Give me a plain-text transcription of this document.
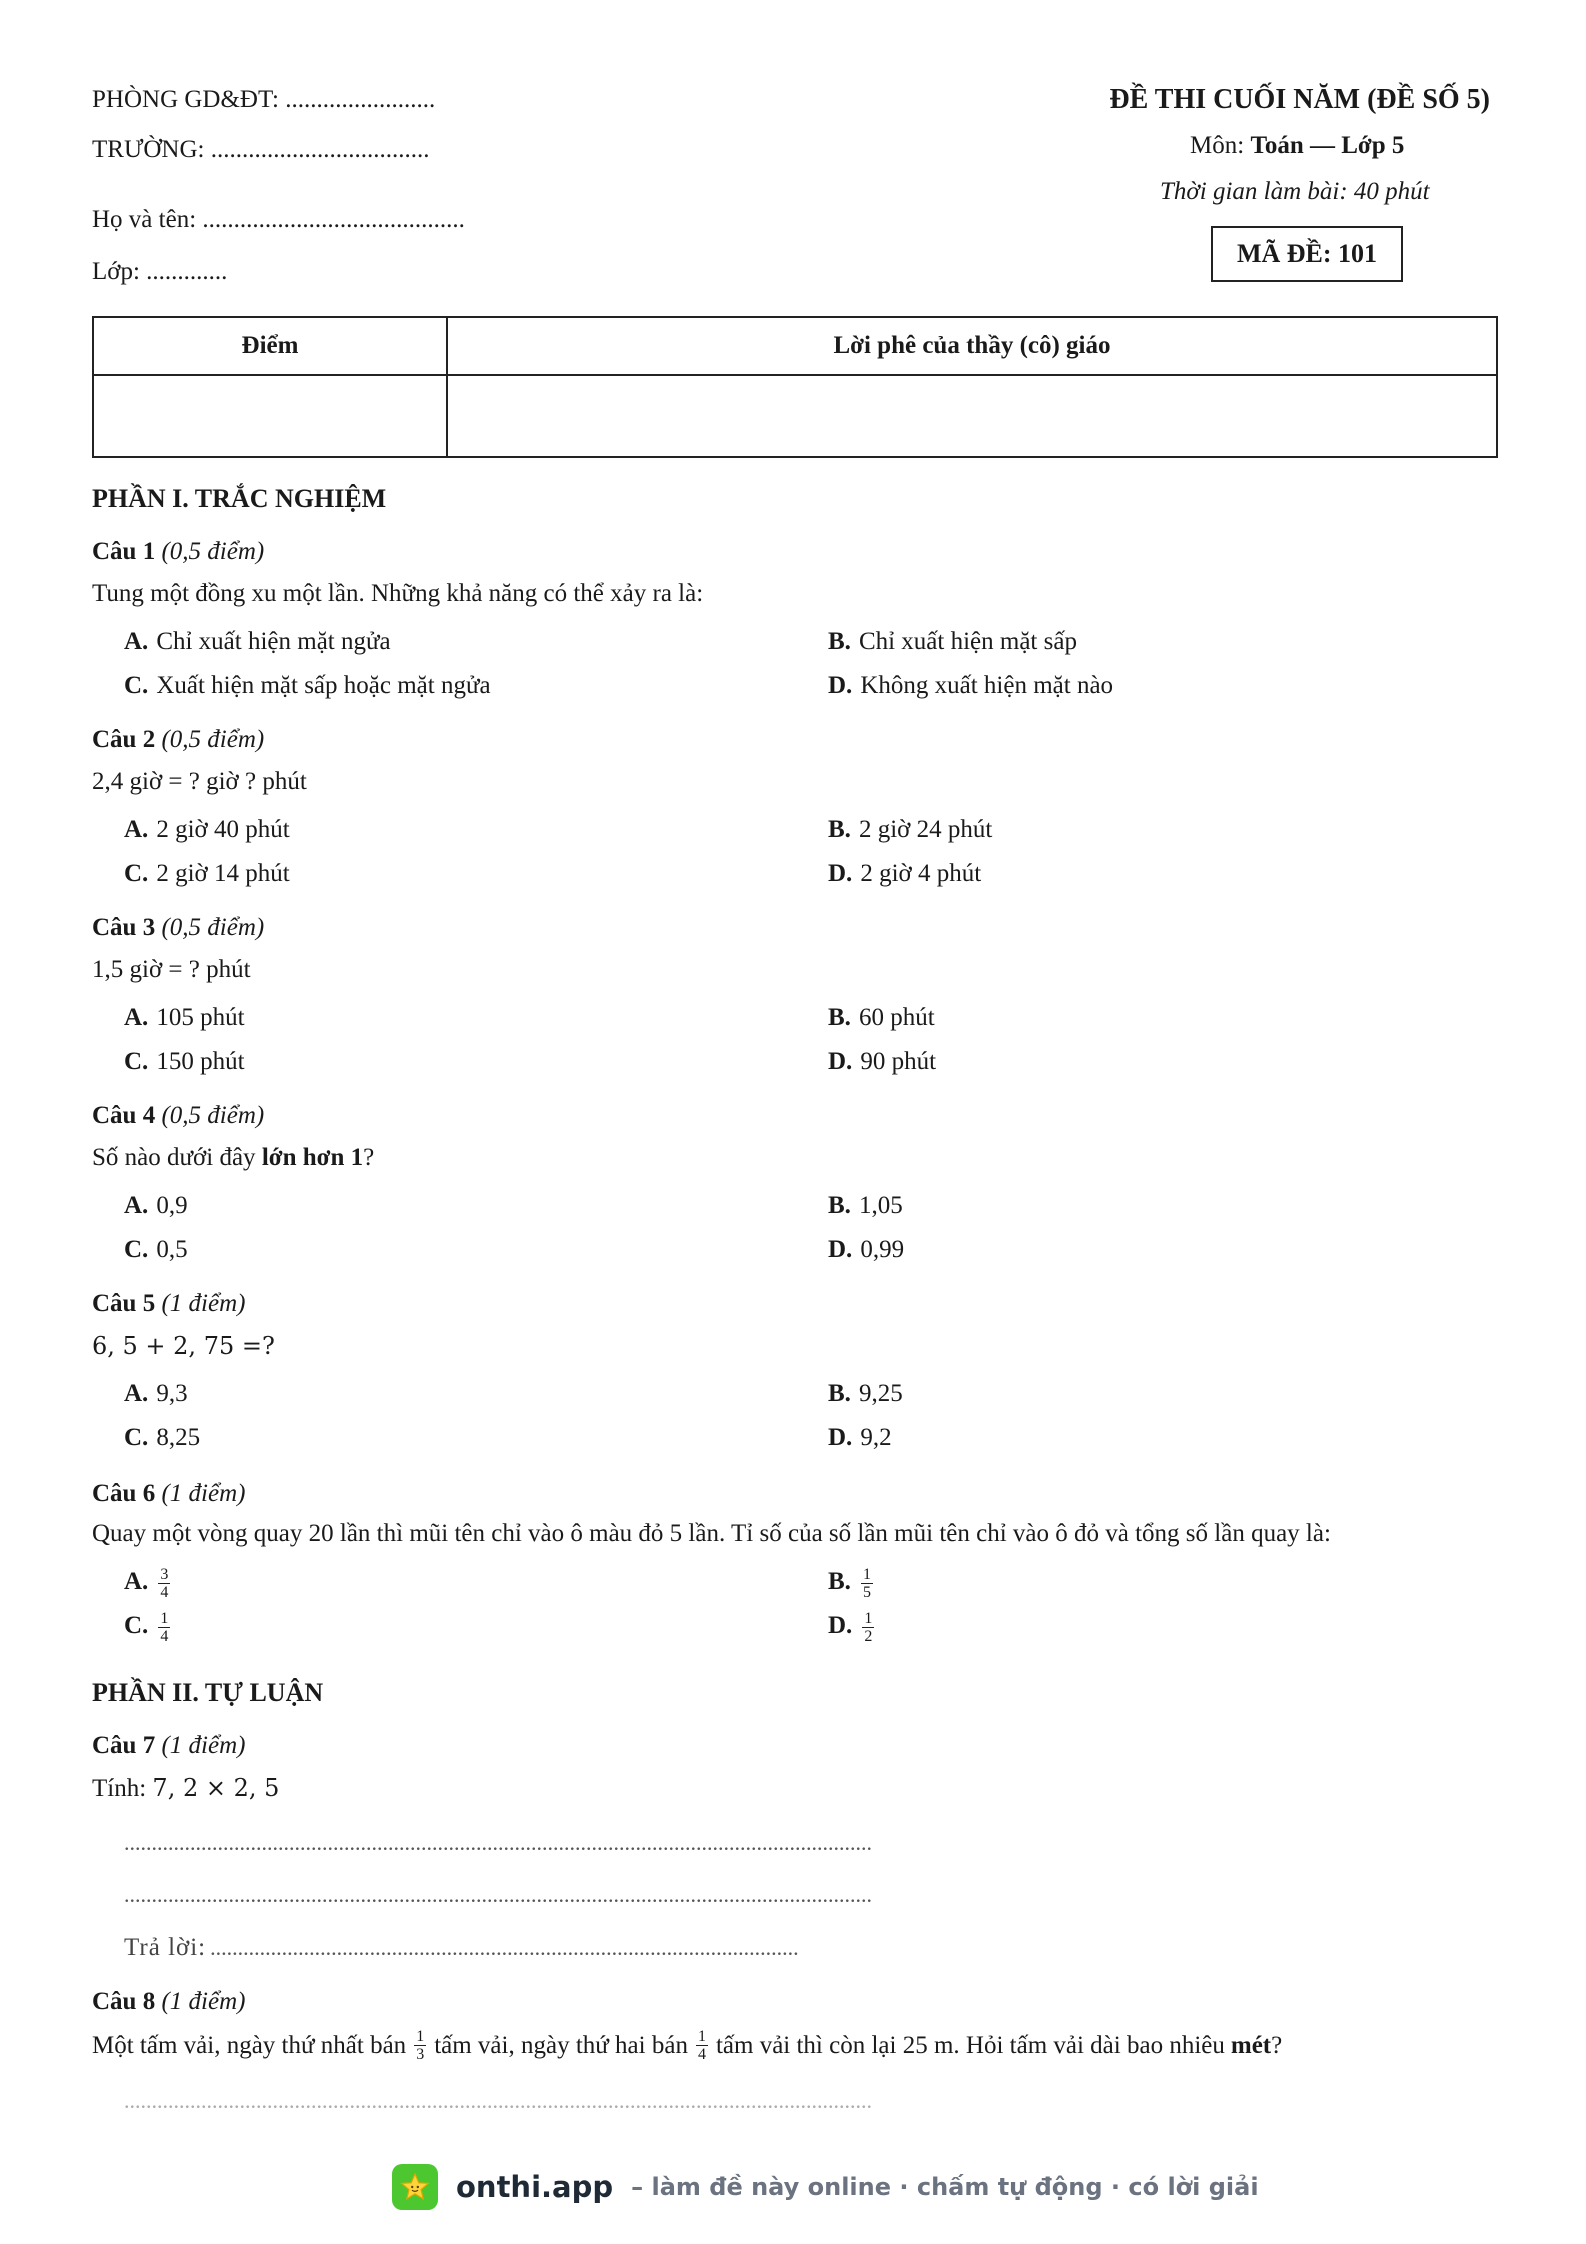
PHÒNG GD&ĐT: ........................
TRƯỜNG: ...................................
Họ và tên: ..........................................
Lớp: .............
ĐỀ THI CUỐI NĂM (ĐỀ SỐ 5)
Môn: Toán — Lớp 5
Thời gian làm bài: 40 phút
MÃ ĐỀ: 101
Điểm	Lời phê của thầy (cô) giáo

PHẦN I. TRẮC NGHIỆM
Câu 1 (0,5 điểm)
Tung một đồng xu một lần. Những khả năng có thể xảy ra là:
A. Chỉ xuất hiện mặt ngửa	B. Chỉ xuất hiện mặt sấp
C. Xuất hiện mặt sấp hoặc mặt ngửa	D. Không xuất hiện mặt nào
Câu 2 (0,5 điểm)
2,4 giờ = ? giờ ? phút
A. 2 giờ 40 phút	B. 2 giờ 24 phút
C. 2 giờ 14 phút	D. 2 giờ 4 phút
Câu 3 (0,5 điểm)
1,5 giờ = ? phút
A. 105 phút	B. 60 phút
C. 150 phút	D. 90 phút
Câu 4 (0,5 điểm)
Số nào dưới đây lớn hơn 1?
A. 0,9	B. 1,05
C. 0,5	D. 0,99
Câu 5 (1 điểm)
6, 5 + 2, 75 =?
A. 9,3	B. 9,25
C. 8,25	D. 9,2
Câu 6 (1 điểm)
Quay một vòng quay 20 lần thì mũi tên chỉ vào ô màu đỏ 5 lần. Tỉ số của số lần mũi tên chỉ vào ô đỏ và tổng số lần quay là:
A. $\frac{3}{4}$	B. $\frac{1}{5}$
C. $\frac{1}{4}$	D. $\frac{1}{2}$
PHẦN II. TỰ LUẬN
Câu 7 (1 điểm)
Tính: 7, 2 × 2, 5
........................................................................................................................................
........................................................................................................................................
Trả lời: ...........................................................................................................
Câu 8 (1 điểm)
Một tấm vải, ngày thứ nhất bán $\frac{1}{3}$ tấm vải, ngày thứ hai bán $\frac{1}{4}$ tấm vải thì còn lại 25 m. Hỏi tấm vải dài bao nhiêu mét ?
........................................................................................................................................
onthi.app – làm đề này online · chấm tự động · có lời giải
